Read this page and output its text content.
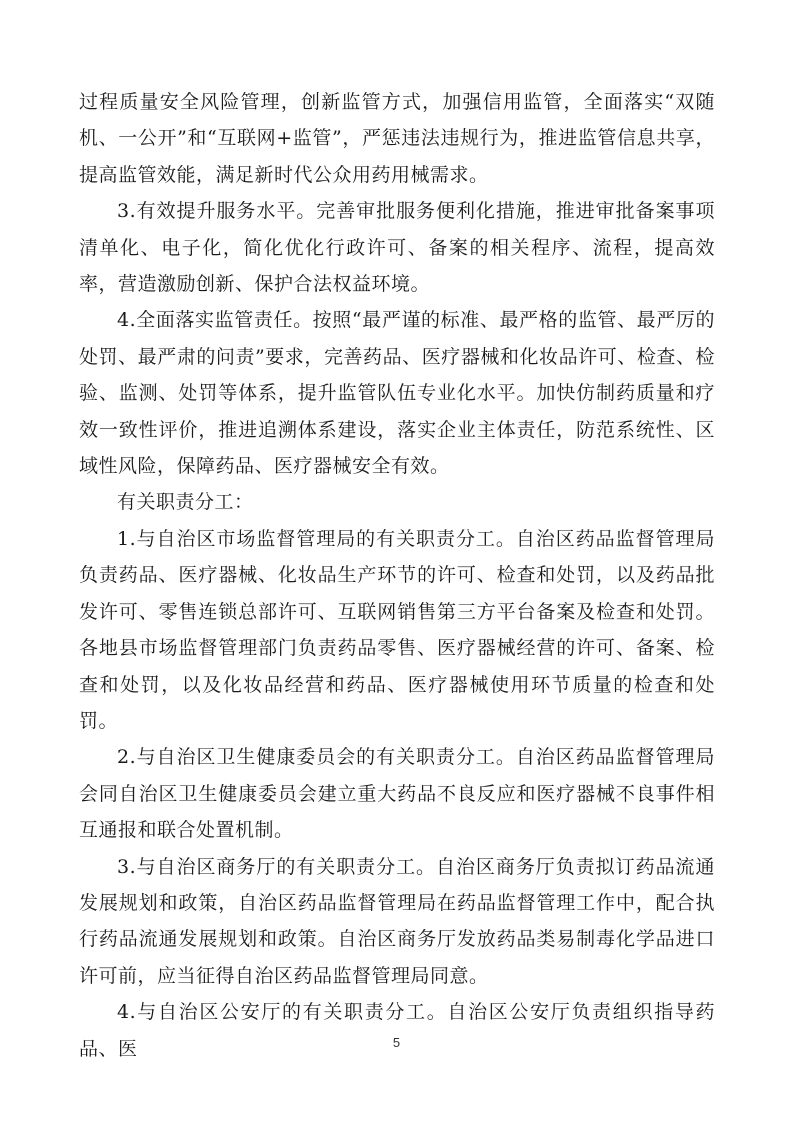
过程质量安全风险管理，创新监管方式，加强信用监管，全面落实“双随机、一公开”和“互联网+监管”，严惩违法违规行为，推进监管信息共享，提高监管效能，满足新时代公众用药用械需求。

3.有效提升服务水平。完善审批服务便利化措施，推进审批备案事项清单化、电子化，简化优化行政许可、备案的相关程序、流程，提高效率，营造激励创新、保护合法权益环境。

4.全面落实监管责任。按照“最严谨的标准、最严格的监管、最严厉的处罚、最严肃的问责”要求，完善药品、医疗器械和化妆品许可、检查、检验、监测、处罚等体系，提升监管队伍专业化水平。加快仿制药质量和疗效一致性评价，推进追溯体系建设，落实企业主体责任，防范系统性、区域性风险，保障药品、医疗器械安全有效。

有关职责分工：

1.与自治区市场监督管理局的有关职责分工。自治区药品监督管理局负责药品、医疗器械、化妆品生产环节的许可、检查和处罚，以及药品批发许可、零售连锁总部许可、互联网销售第三方平台备案及检查和处罚。各地县市场监督管理部门负责药品零售、医疗器械经营的许可、备案、检查和处罚，以及化妆品经营和药品、医疗器械使用环节质量的检查和处罚。

2.与自治区卫生健康委员会的有关职责分工。自治区药品监督管理局会同自治区卫生健康委员会建立重大药品不良反应和医疗器械不良事件相互通报和联合处置机制。

3.与自治区商务厅的有关职责分工。自治区商务厅负责拟订药品流通发展规划和政策，自治区药品监督管理局在药品监督管理工作中，配合执行药品流通发展规划和政策。自治区商务厅发放药品类易制毒化学品进口许可前，应当征得自治区药品监督管理局同意。

4.与自治区公安厅的有关职责分工。自治区公安厅负责组织指导药品、医	5
